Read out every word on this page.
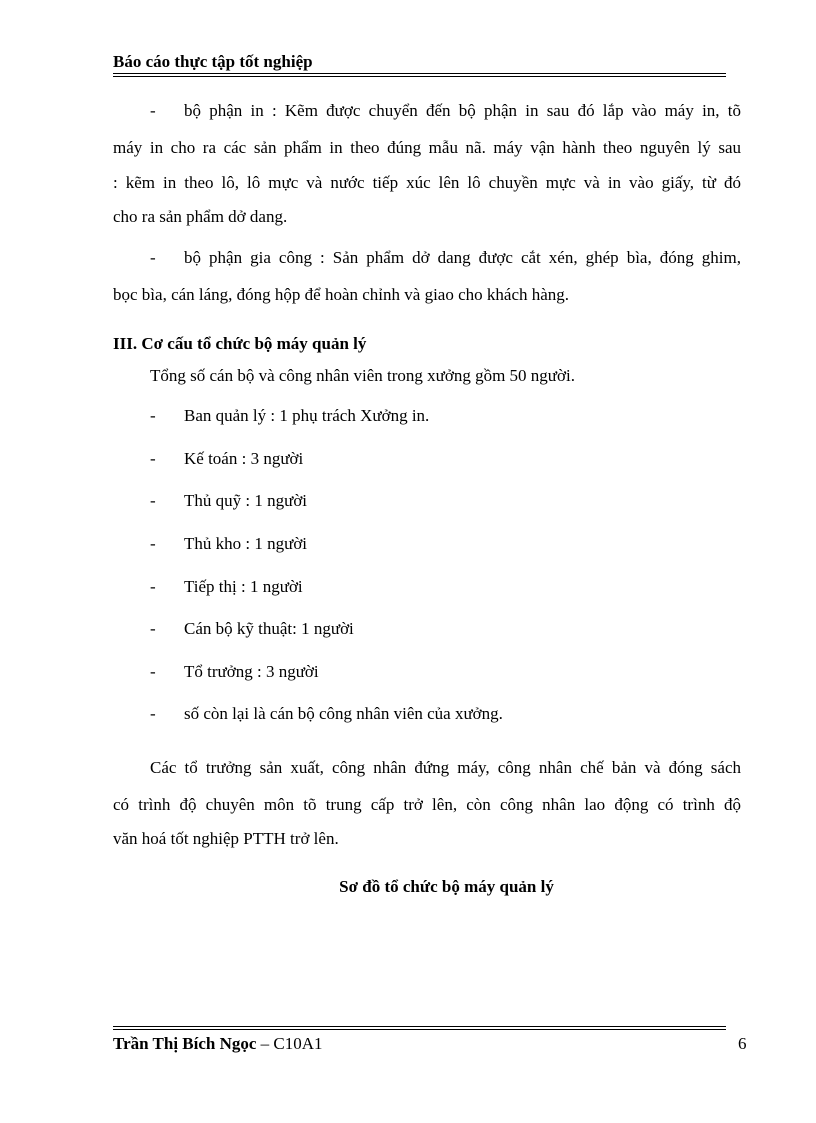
Báo cáo thực tập tốt nghiệp
- bộ phận in : Kẽm được chuyển đến bộ phận in sau đó lắp vào máy in, tõ
máy in cho ra các sản phẩm in theo đúng mẫu nã. máy vận hành theo nguyên lý sau
: kẽm in theo lô, lô mực và nước tiếp xúc lên lô chuyền mực và in vào giấy, từ đó
cho ra sản phẩm dở dang.
- bộ phận gia công : Sản phẩm dở dang được cắt xén, ghép bìa, đóng ghim,
bọc bìa, cán láng, đóng hộp để hoàn chỉnh và giao cho khách hàng.
III. Cơ cấu tổ chức bộ máy quản lý
Tổng số cán bộ và công nhân viên trong xưởng gồm 50 người.
- Ban quản lý : 1 phụ trách Xưởng in.
- Kế toán : 3 người
- Thủ quỹ : 1 người
- Thủ kho : 1 người
- Tiếp thị : 1 người
- Cán bộ kỹ thuật: 1 người
- Tổ trưởng : 3 người
- số còn lại là cán bộ công nhân viên của xưởng.
Các tổ trưởng sản xuất, công nhân đứng máy, công nhân chế bản và đóng sách
có trình độ chuyên môn tõ trung cấp trở lên, còn công nhân lao động có trình độ
văn hoá tốt nghiệp PTTH trở lên.
Sơ đồ tổ chức bộ máy quản lý
Trần Thị Bích Ngọc – C10A1	6
